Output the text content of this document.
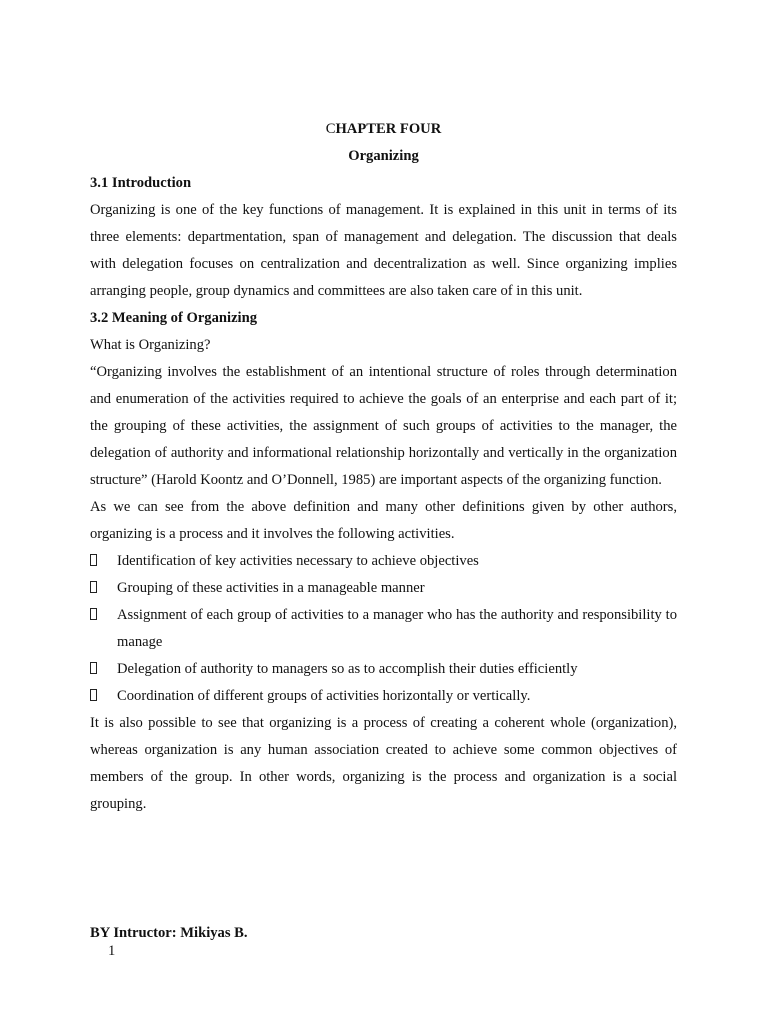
CHAPTER FOUR

Organizing

3.1 Introduction

Organizing is one of the key functions of management. It is explained in this unit in terms of its three elements: departmentation, span of management and delegation. The discussion that deals with delegation focuses on centralization and decentralization as well. Since organizing implies arranging people, group dynamics and committees are also taken care of in this unit.

3.2 Meaning of Organizing

What is Organizing?

“Organizing involves the establishment of an intentional structure of roles through determination and enumeration of the activities required to achieve the goals of an enterprise and each part of it; the grouping of these activities, the assignment of such groups of activities to the manager, the delegation of authority and informational relationship horizontally and vertically in the organization structure” (Harold Koontz and O’Donnell, 1985) are important aspects of the organizing function.

As we can see from the above definition and many other definitions given by other authors, organizing is a process and it involves the following activities.

Identification of key activities necessary to achieve objectives

Grouping of these activities in a manageable manner

Assignment of each group of activities to a manager who has the authority and responsibility to manage

Delegation of authority to managers so as to accomplish their duties efficiently

Coordination of different groups of activities horizontally or vertically.

It is also possible to see that organizing is a process of creating a coherent whole (organization), whereas organization is any human association created to achieve some common objectives of members of the group. In other words, organizing is the process and organization is a social grouping.

BY Intructor: Mikiyas B.
1
